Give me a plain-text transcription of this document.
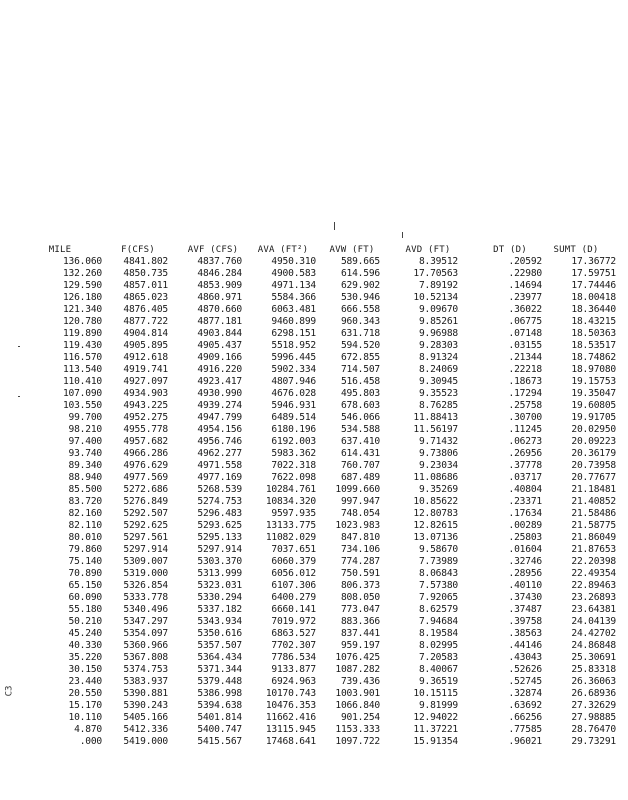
MILE	F(CFS)	AVF (CFS)	AVA (FT²)	AVW (FT)	AVD (FT)	DT (D)	SUMT (D)
136.060	4841.802	4837.760	4950.310	589.665	8.39512	.20592	17.36772
132.260	4850.735	4846.284	4900.583	614.596	17.70563	.22980	17.59751
129.590	4857.011	4853.909	4971.134	629.902	7.89192	.14694	17.74446
126.180	4865.023	4860.971	5584.366	530.946	10.52134	.23977	18.00418
121.340	4876.405	4870.660	6063.481	666.558	9.09670	.36022	18.36440
120.780	4877.722	4877.181	9460.899	960.343	9.85261	.06775	18.43215
119.890	4904.814	4903.844	6298.151	631.718	9.96988	.07148	18.50363
119.430	4905.895	4905.437	5518.952	594.520	9.28303	.03155	18.53517
116.570	4912.618	4909.166	5996.445	672.855	8.91324	.21344	18.74862
113.540	4919.741	4916.220	5902.334	714.507	8.24069	.22218	18.97080
110.410	4927.097	4923.417	4807.946	516.458	9.30945	.18673	19.15753
107.090	4934.903	4930.990	4676.028	495.803	9.35523	.17294	19.35047
103.550	4943.225	4939.274	5946.931	678.603	8.76285	.25758	19.60805
99.700	4952.275	4947.799	6489.514	546.066	11.88413	.30700	19.91705
98.210	4955.778	4954.156	6180.196	534.588	11.56197	.11245	20.02950
97.400	4957.682	4956.746	6192.003	637.410	9.71432	.06273	20.09223
93.740	4966.286	4962.277	5983.362	614.431	9.73806	.26956	20.36179
89.340	4976.629	4971.558	7022.318	760.707	9.23034	.37778	20.73958
88.940	4977.569	4977.169	7622.098	687.489	11.08686	.03717	20.77677
85.500	5272.686	5268.539	10284.761	1099.660	9.35269	.40804	21.18481
83.720	5276.849	5274.753	10834.320	997.947	10.85622	.23371	21.40852
82.160	5292.507	5296.483	9597.935	748.054	12.80783	.17634	21.58486
82.110	5292.625	5293.625	13133.775	1023.983	12.82615	.00289	21.58775
80.010	5297.561	5295.133	11082.029	847.810	13.07136	.25803	21.86049
79.860	5297.914	5297.914	7037.651	734.106	9.58670	.01604	21.87653
75.140	5309.007	5303.370	6060.379	774.287	7.73989	.32746	22.20398
70.890	5319.000	5313.999	6056.012	750.591	8.06843	.28956	22.49354
65.150	5326.854	5323.031	6107.306	806.373	7.57380	.40110	22.89463
60.090	5333.778	5330.294	6400.279	808.050	7.92065	.37430	23.26893
55.180	5340.496	5337.182	6660.141	773.047	8.62579	.37487	23.64381
50.210	5347.297	5343.934	7019.972	883.366	7.94684	.39758	24.04139
45.240	5354.097	5350.616	6863.527	837.441	8.19584	.38563	24.42702
40.330	5360.966	5357.507	7702.307	959.197	8.02995	.44146	24.86848
35.220	5367.808	5364.434	7786.534	1076.425	7.20583	.43043	25.30691
30.150	5374.753	5371.344	9133.877	1087.282	8.40067	.52626	25.83318
23.440	5383.937	5379.448	6924.963	739.436	9.36519	.52745	26.36063
20.550	5390.881	5386.998	10170.743	1003.901	10.15115	.32874	26.68936
15.170	5390.243	5394.638	10476.353	1066.840	9.81999	.63692	27.32629
10.110	5405.166	5401.814	11662.416	901.254	12.94022	.66256	27.98885
4.870	5412.336	5400.747	13115.945	1153.333	11.37221	.77585	28.76470
.000	5419.000	5415.567	17468.641	1097.722	15.91354	.96021	29.73291
C3
